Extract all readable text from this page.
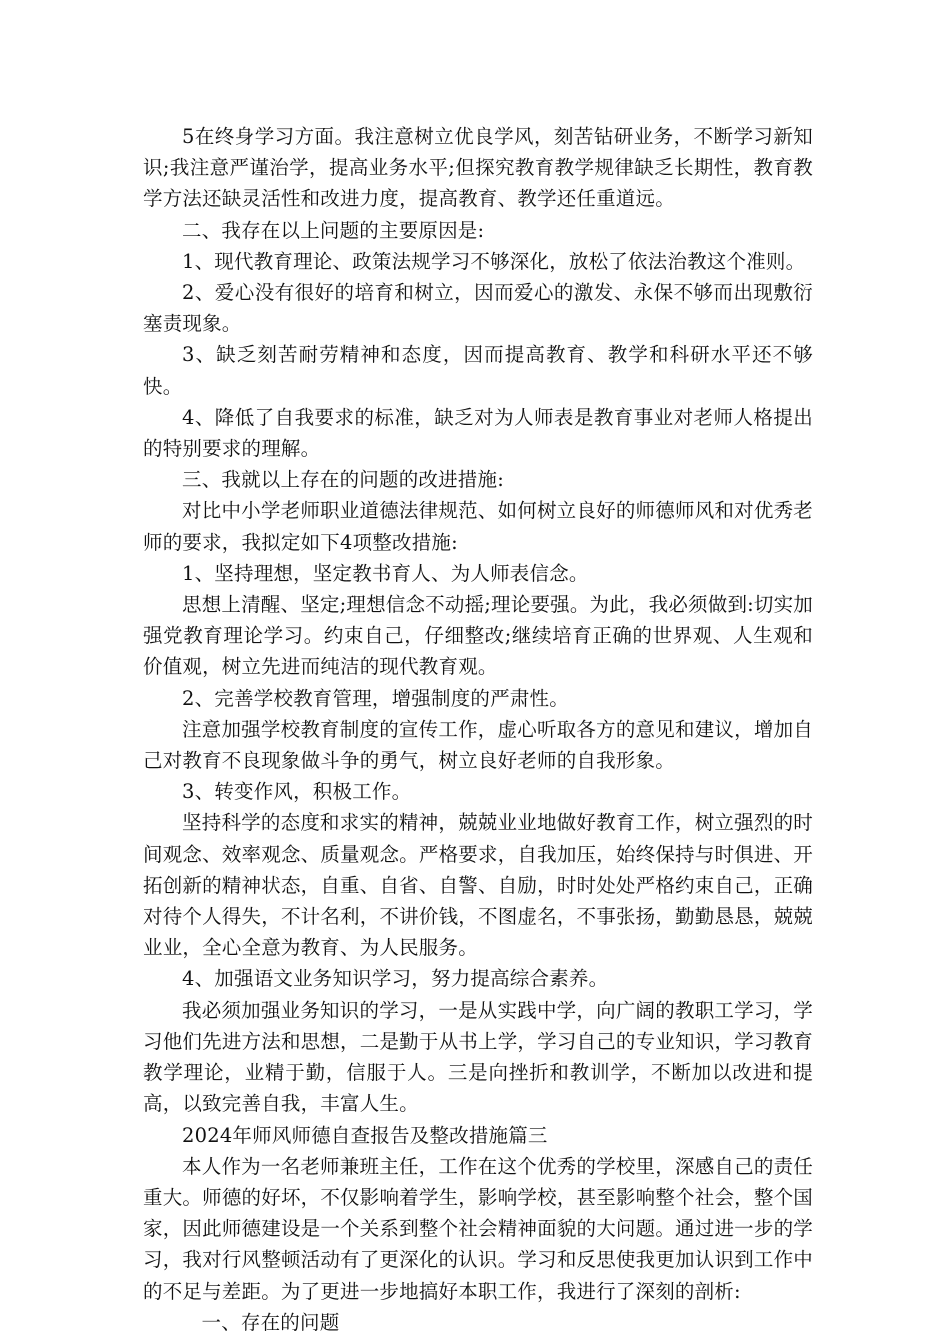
5在终身学习方面。我注意树立优良学风，刻苦钻研业务，不断学习新知识;我注意严谨治学，提高业务水平;但探究教育教学规律缺乏长期性，教育教学方法还缺灵活性和改进力度，提高教育、教学还任重道远。

二、我存在以上问题的主要原因是:

1、现代教育理论、政策法规学习不够深化，放松了依法治教这个准则。

2、爱心没有很好的培育和树立，因而爱心的激发、永保不够而出现敷衍塞责现象。

3、缺乏刻苦耐劳精神和态度，因而提高教育、教学和科研水平还不够快。

4、降低了自我要求的标准，缺乏对为人师表是教育事业对老师人格提出的特别要求的理解。

三、我就以上存在的问题的改进措施:

对比中小学老师职业道德法律规范、如何树立良好的师德师风和对优秀老师的要求，我拟定如下4项整改措施:

1、坚持理想，坚定教书育人、为人师表信念。

思想上清醒、坚定;理想信念不动摇;理论要强。为此，我必须做到:切实加强党教育理论学习。约束自己，仔细整改;继续培育正确的世界观、人生观和价值观，树立先进而纯洁的现代教育观。

2、完善学校教育管理，增强制度的严肃性。

注意加强学校教育制度的宣传工作，虚心听取各方的意见和建议，增加自己对教育不良现象做斗争的勇气，树立良好老师的自我形象。

3、转变作风，积极工作。

坚持科学的态度和求实的精神，兢兢业业地做好教育工作，树立强烈的时间观念、效率观念、质量观念。严格要求，自我加压，始终保持与时俱进、开拓创新的精神状态，自重、自省、自警、自励，时时处处严格约束自己，正确对待个人得失，不计名利，不讲价钱，不图虚名，不事张扬，勤勤恳恳，兢兢业业，全心全意为教育、为人民服务。

4、加强语文业务知识学习，努力提高综合素养。

我必须加强业务知识的学习，一是从实践中学，向广阔的教职工学习，学习他们先进方法和思想，二是勤于从书上学，学习自己的专业知识，学习教育教学理论，业精于勤，信服于人。三是向挫折和教训学，不断加以改进和提高，以致完善自我，丰富人生。

2024年师风师德自查报告及整改措施篇三

本人作为一名老师兼班主任，工作在这个优秀的学校里，深感自己的责任重大。师德的好坏，不仅影响着学生，影响学校，甚至影响整个社会，整个国家，因此师德建设是一个关系到整个社会精神面貌的大问题。通过进一步的学习，我对行风整顿活动有了更深化的认识。学习和反思使我更加认识到工作中的不足与差距。为了更进一步地搞好本职工作，我进行了深刻的剖析:

一、存在的问题
